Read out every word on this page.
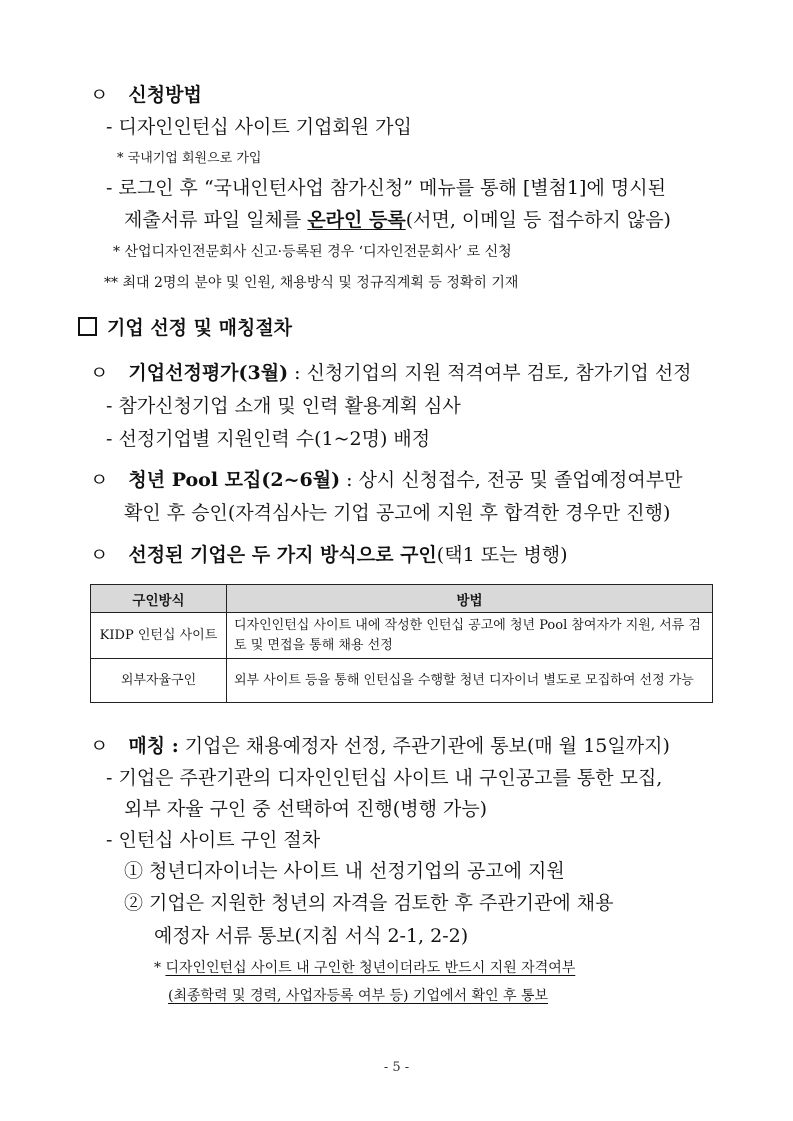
ㅇ 신청방법
- 디자인인턴십 사이트 기업회원 가입
* 국내기업 회원으로 가입
- 로그인 후 “국내인턴사업 참가신청” 메뉴를 통해 [별첨1]에 명시된
제출서류 파일 일체를 온라인 등록(서면, 이메일 등 접수하지 않음)
* 산업디자인전문회사 신고·등록된 경우 ‘디자인전문회사’ 로 신청
** 최대 2명의 분야 및 인원, 채용방식 및 정규직계획 등 정확히 기재
기업 선정 및 매칭절차
ㅇ 기업선정평가(3월) : 신청기업의 지원 적격여부 검토, 참가기업 선정
- 참가신청기업 소개 및 인력 활용계획 심사
- 선정기업별 지원인력 수(1~2명) 배정
ㅇ 청년 Pool 모집(2~6월) : 상시 신청접수, 전공 및 졸업예정여부만
확인 후 승인(자격심사는 기업 공고에 지원 후 합격한 경우만 진행)
ㅇ 선정된 기업은 두 가지 방식으로 구인(택1 또는 병행)
구인방식	방법
KIDP 인턴십 사이트	디자인인턴십 사이트 내에 작성한 인턴십 공고에 청년 Pool 참여자가 지원, 서류 검토 및 면접을 통해 채용 선정
외부자율구인	외부 사이트 등을 통해 인턴십을 수행할 청년 디자이너 별도로 모집하여 선정 가능
ㅇ 매칭 : 기업은 채용예정자 선정, 주관기관에 통보(매 월 15일까지)
- 기업은 주관기관의 디자인인턴십 사이트 내 구인공고를 통한 모집,
외부 자율 구인 중 선택하여 진행(병행 가능)
- 인턴십 사이트 구인 절차
① 청년디자이너는 사이트 내 선정기업의 공고에 지원
② 기업은 지원한 청년의 자격을 검토한 후 주관기관에 채용
예정자 서류 통보(지침 서식 2-1, 2-2)
* 디자인인턴십 사이트 내 구인한 청년이더라도 반드시 지원 자격여부
(최종학력 및 경력, 사업자등록 여부 등) 기업에서 확인 후 통보
- 5 -
